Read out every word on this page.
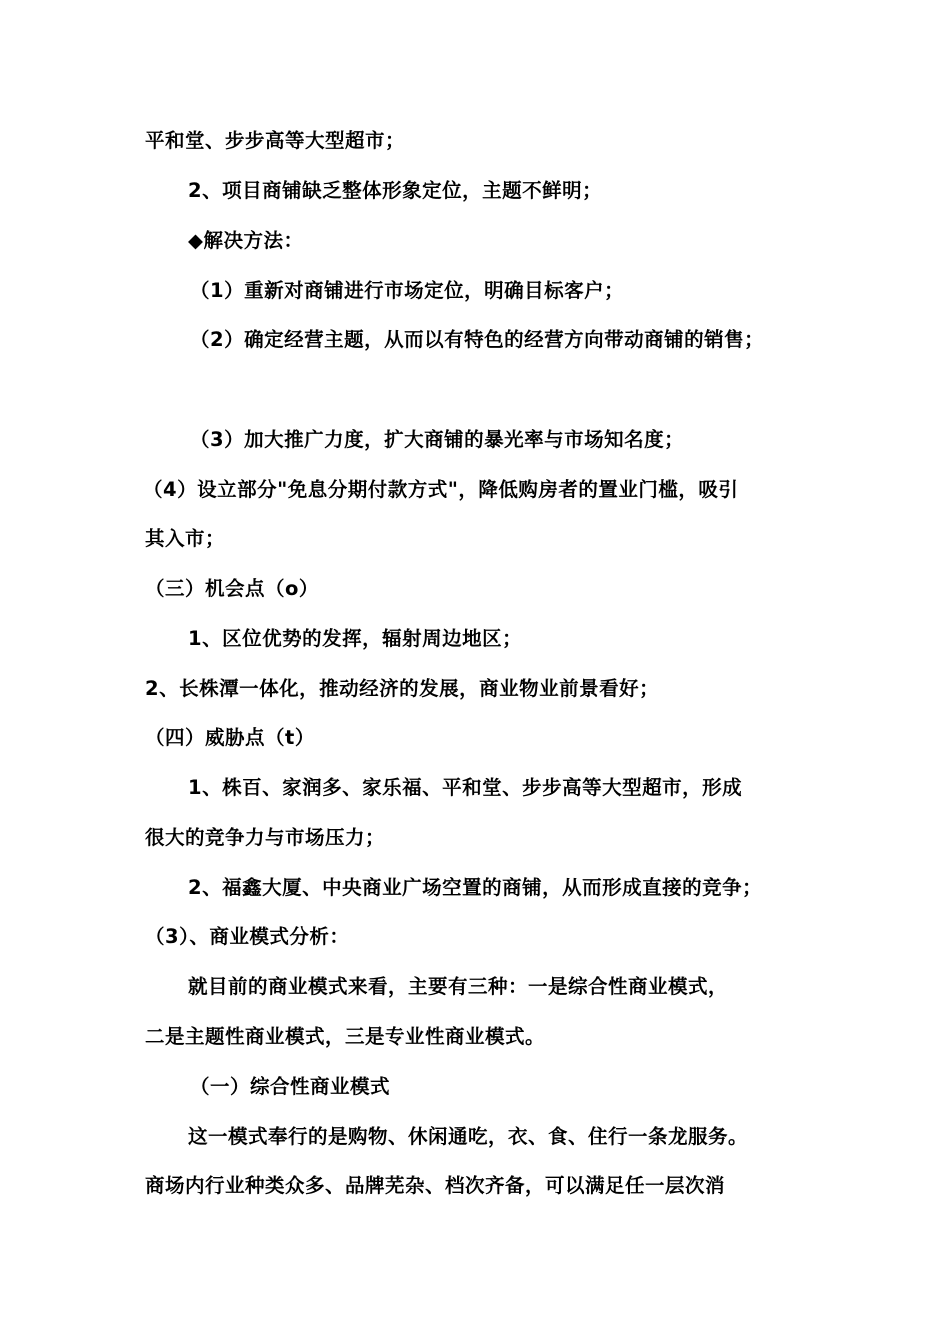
平和堂、步步高等大型超市；
2、项目商铺缺乏整体形象定位，主题不鲜明；
◆解决方法：
（1）重新对商铺进行市场定位，明确目标客户；
（2）确定经营主题，从而以有特色的经营方向带动商铺的销售；
（3）加大推广力度，扩大商铺的暴光率与市场知名度；
（4）设立部分"免息分期付款方式"，降低购房者的置业门槛，吸引
其入市；
（三）机会点（o）
1、区位优势的发挥，辐射周边地区；
2、长株潭一体化，推动经济的发展，商业物业前景看好；
（四）威胁点（t）
1、株百、家润多、家乐福、平和堂、步步高等大型超市，形成
很大的竞争力与市场压力；
2、福鑫大厦、中央商业广场空置的商铺，从而形成直接的竞争；
（3）、商业模式分析：
就目前的商业模式来看，主要有三种：一是综合性商业模式，
二是主题性商业模式，三是专业性商业模式。
（一）综合性商业模式
这一模式奉行的是购物、休闲通吃，衣、食、住行一条龙服务。
商场内行业种类众多、品牌芜杂、档次齐备，可以满足任一层次消
